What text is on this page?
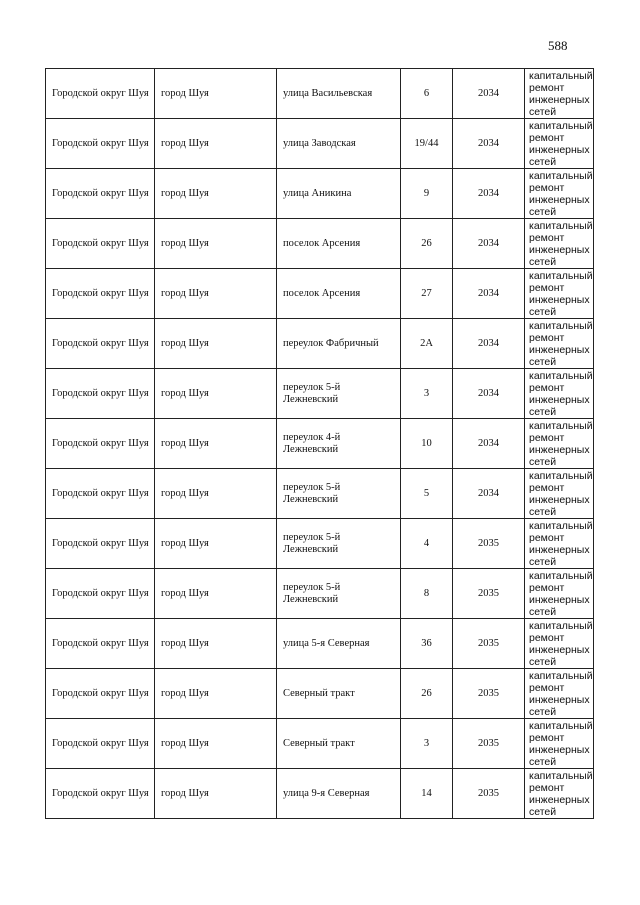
588
Городской округ Шуя	город Шуя	улица Васильевская	6	2034	капитальный ремонт инженерных сетей

Городской округ Шуя	город Шуя	улица Заводская	19/44	2034	капитальный ремонт инженерных сетей

Городской округ Шуя	город Шуя	улица Аникина	9	2034	капитальный ремонт инженерных сетей

Городской округ Шуя	город Шуя	поселок Арсения	26	2034	капитальный ремонт инженерных сетей

Городской округ Шуя	город Шуя	поселок Арсения	27	2034	капитальный ремонт инженерных сетей

Городской округ Шуя	город Шуя	переулок Фабричный	2А	2034	капитальный ремонт инженерных сетей

Городской округ Шуя	город Шуя	переулок 5-й Лежневский	3	2034	капитальный ремонт инженерных сетей

Городской округ Шуя	город Шуя	переулок 4-й Лежневский	10	2034	капитальный ремонт инженерных сетей

Городской округ Шуя	город Шуя	переулок 5-й Лежневский	5	2034	капитальный ремонт инженерных сетей

Городской округ Шуя	город Шуя	переулок 5-й Лежневский	4	2035	капитальный ремонт инженерных сетей

Городской округ Шуя	город Шуя	переулок 5-й Лежневский	8	2035	капитальный ремонт инженерных сетей

Городской округ Шуя	город Шуя	улица 5-я Северная	36	2035	капитальный ремонт инженерных сетей

Городской округ Шуя	город Шуя	Северный тракт	26	2035	капитальный ремонт инженерных сетей

Городской округ Шуя	город Шуя	Северный тракт	3	2035	капитальный ремонт инженерных сетей

Городской округ Шуя	город Шуя	улица 9-я Северная	14	2035	капитальный ремонт инженерных сетей
